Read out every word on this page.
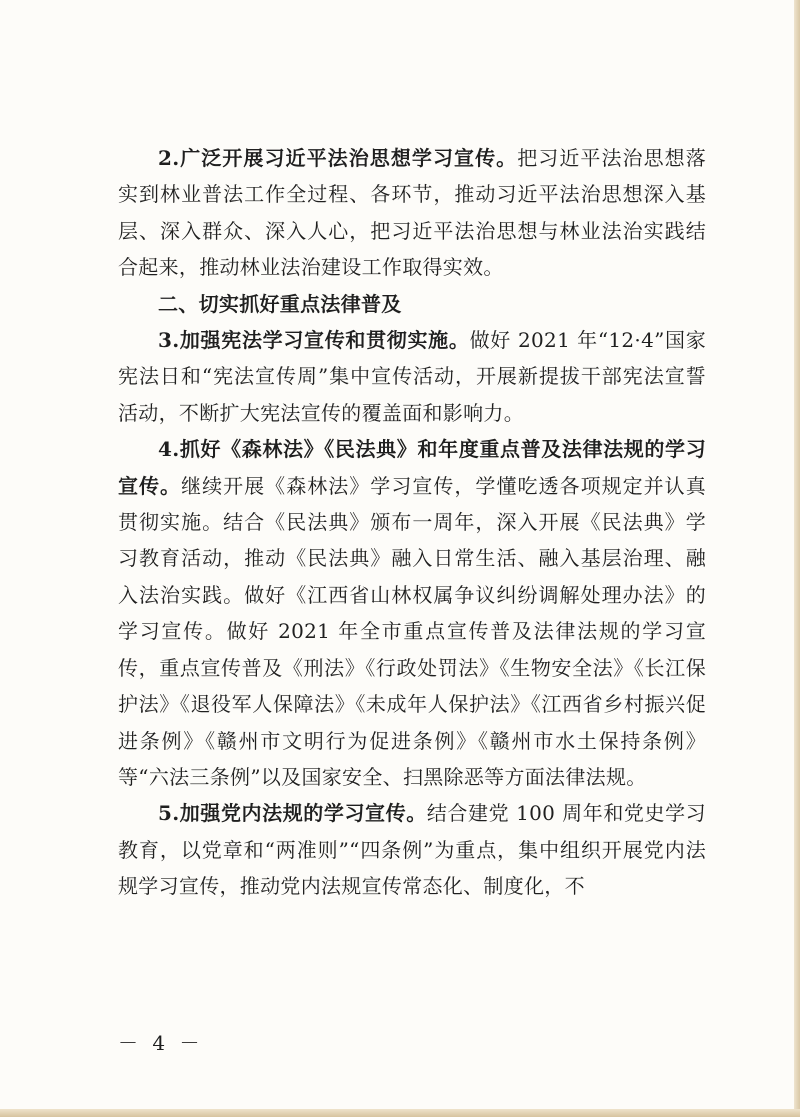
2.广泛开展习近平法治思想学习宣传。把习近平法治思想落实到林业普法工作全过程、各环节，推动习近平法治思想深入基层、深入群众、深入人心，把习近平法治思想与林业法治实践结合起来，推动林业法治建设工作取得实效。

二、切实抓好重点法律普及

3.加强宪法学习宣传和贯彻实施。做好 2021 年“12·4”国家宪法日和“宪法宣传周”集中宣传活动，开展新提拔干部宪法宣誓活动，不断扩大宪法宣传的覆盖面和影响力。

4.抓好《森林法》《民法典》和年度重点普及法律法规的学习宣传。继续开展《森林法》学习宣传，学懂吃透各项规定并认真贯彻实施。结合《民法典》颁布一周年，深入开展《民法典》学习教育活动，推动《民法典》融入日常生活、融入基层治理、融入法治实践。做好《江西省山林权属争议纠纷调解处理办法》的学习宣传。做好 2021 年全市重点宣传普及法律法规的学习宣传，重点宣传普及《刑法》《行政处罚法》《生物安全法》《长江保护法》《退役军人保障法》《未成年人保护法》《江西省乡村振兴促进条例》《赣州市文明行为促进条例》《赣州市水土保持条例》等“六法三条例”以及国家安全、扫黑除恶等方面法律法规。

5.加强党内法规的学习宣传。结合建党 100 周年和党史学习教育，以党章和“两准则”“四条例”为重点，集中组织开展党内法规学习宣传，推动党内法规宣传常态化、制度化，不

－ 4 －
